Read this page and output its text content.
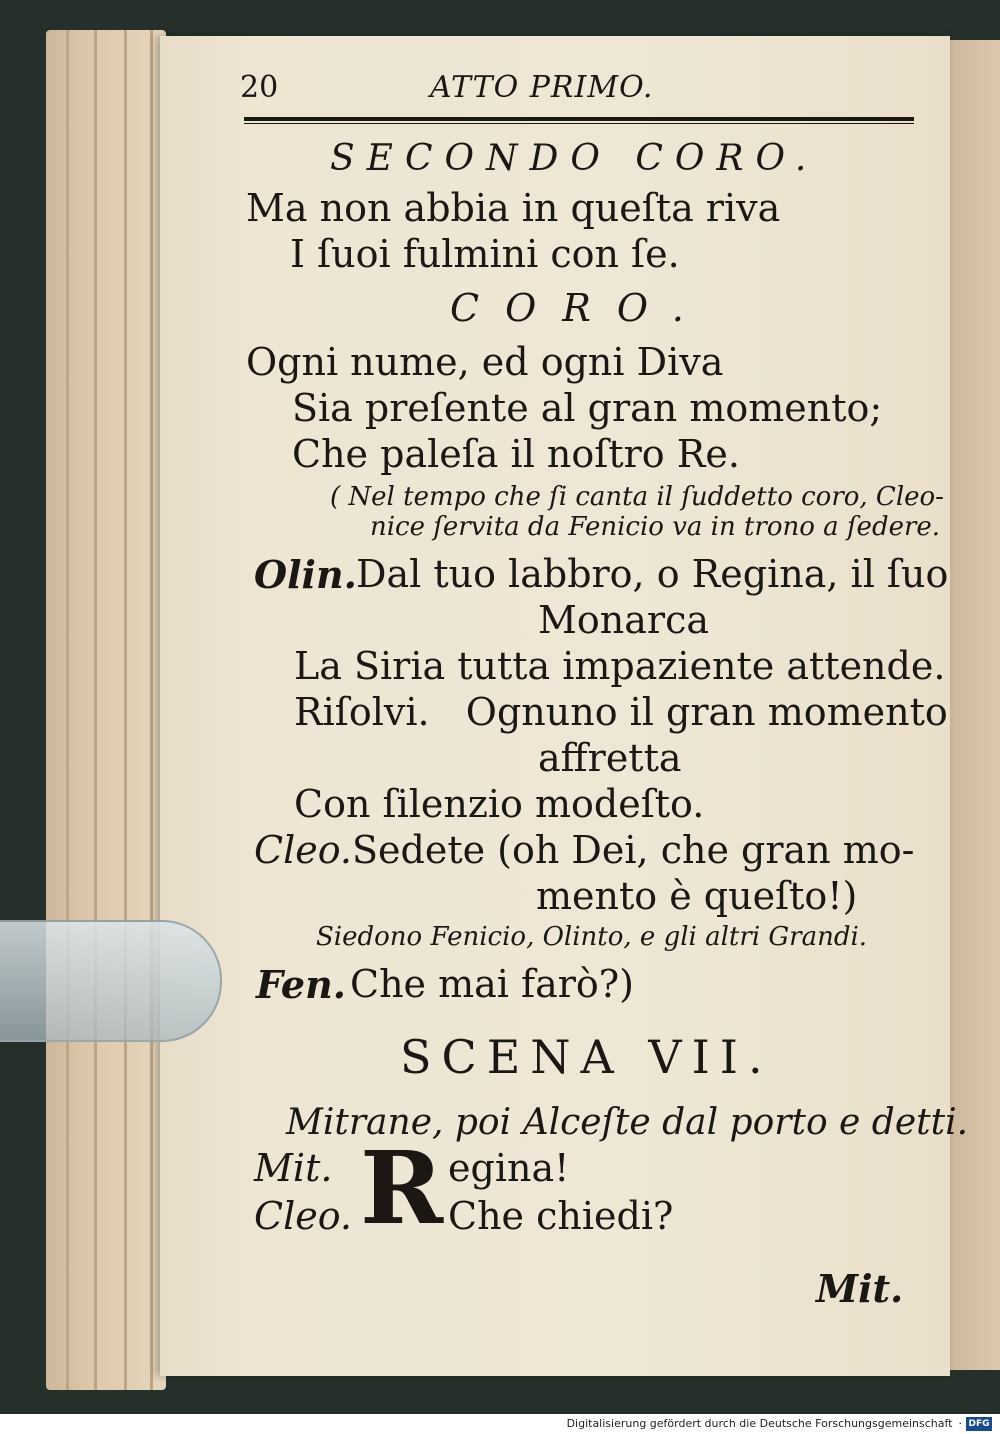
20	ATTO PRIMO.
SECONDO CORO.
Ma non abbia in queſta riva
I ſuoi fulmini con ſe.
CORO.
Ogni nume, ed ogni Diva
Sia preſente al gran momento;
Che paleſa il noſtro Re.
( Nel tempo che ſi canta il ſuddetto coro, Cleo-
nice ſervita da Fenicio va in trono a ſedere.
Olin. Dal tuo labbro, o Regina, il ſuo
Monarca
La Siria tutta impaziente attende.
Riſolvi.   Ognuno il gran momento
affretta
Con ſilenzio modeſto.
Cleo. Sedete (oh Dei, che gran mo-
mento è queſto!)
Siedono Fenicio, Olinto, e gli altri Grandi.
Fen. Che mai farò?)
SCENA VII.
Mitrane, poi Alceſte dal porto e detti.
Mit. R egina!
Cleo.	Che chiedi?
Mit.
Digitalisierung gefördert durch die Deutsche Forschungsgemeinschaft · DFG
